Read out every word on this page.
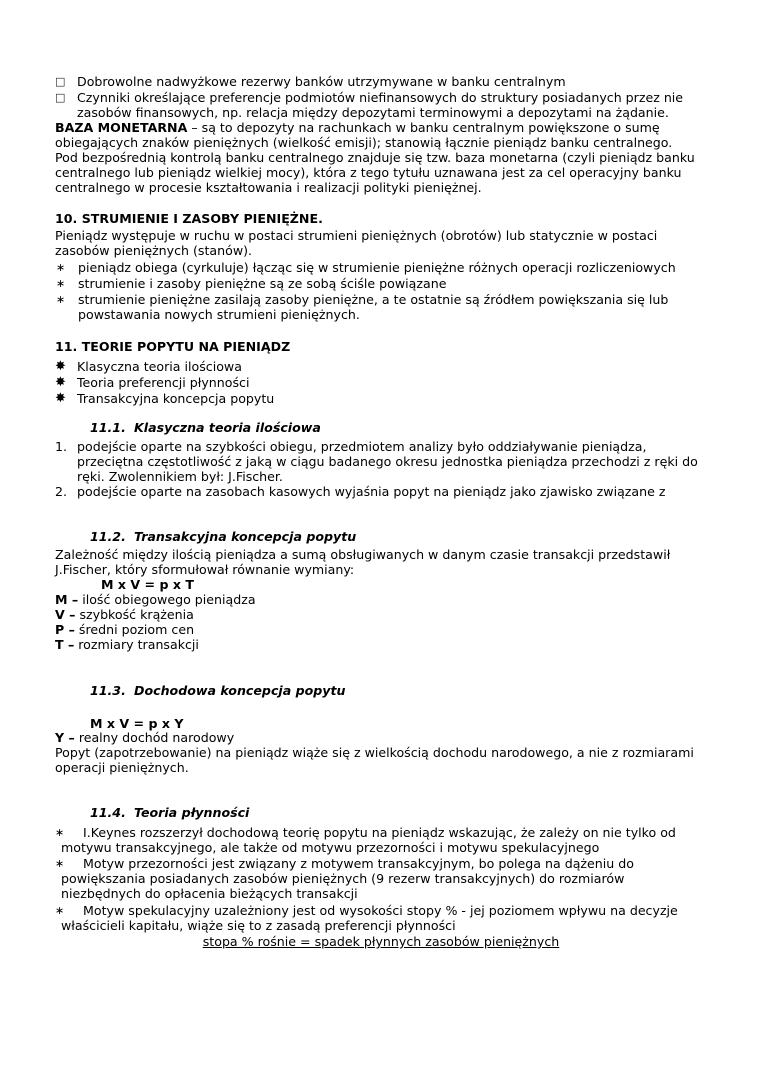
□ Dobrowolne nadwyżkowe rezerwy banków utrzymywane w banku centralnym
□ Czynniki określające preferencje podmiotów niefinansowych do struktury posiadanych przez nie zasobów finansowych, np. relacja między depozytami terminowymi a depozytami na żądanie.

BAZA MONETARNA – są to depozyty na rachunkach w banku centralnym powiększone o sumę obiegających znaków pieniężnych (wielkość emisji); stanowią łącznie pieniądz banku centralnego.

Pod bezpośrednią kontrolą banku centralnego znajduje się tzw. baza monetarna (czyli pieniądz banku centralnego lub pieniądz wielkiej mocy), która z tego tytułu uznawana jest za cel operacyjny banku centralnego w procesie kształtowania i realizacji polityki pieniężnej.

10. STRUMIENIE I ZASOBY PIENIĘŻNE.

Pieniądz występuje w ruchu w postaci strumieni pieniężnych (obrotów) lub statycznie w postaci zasobów pieniężnych (stanów).

∗	pieniądz obiega (cyrkuluje) łącząc się w strumienie pieniężne różnych operacji rozliczeniowych
∗	strumienie i zasoby pieniężne są ze sobą ściśle powiązane
∗	strumienie pieniężne zasilają zasoby pieniężne, a te ostatnie są źródłem powiększania się lub powstawania nowych strumieni pieniężnych.

11. TEORIE POPYTU NA PIENIĄDZ

✸ Klasyczna teoria ilościowa
✸ Teoria preferencji płynności
✸ Transakcyjna koncepcja popytu

11.1. Klasyczna teoria ilościowa

1. podejście oparte na szybkości obiegu, przedmiotem analizy było oddziaływanie pieniądza, przeciętna częstotliwość z jaką w ciągu badanego okresu jednostka pieniądza przechodzi z ręki do ręki. Zwolennikiem był: J.Fischer.
2. podejście oparte na zasobach kasowych wyjaśnia popyt na pieniądz jako zjawisko związane z

11.2. Transakcyjna koncepcja popytu

Zależność między ilością pieniądza a sumą obsługiwanych w danym czasie transakcji przedstawił J.Fischer, który sformułował równanie wymiany:

M x V = p x T

M – ilość obiegowego pieniądza

V – szybkość krążenia

P – średni poziom cen

T – rozmiary transakcji

11.3. Dochodowa koncepcja popytu

M x V = p x Y

Y – realny dochód narodowy

Popyt (zapotrzebowanie) na pieniądz wiąże się z wielkością dochodu narodowego, a nie z rozmiarami operacji pieniężnych.

11.4. Teoria płynności

∗	I.Keynes rozszerzył dochodową teorię popytu na pieniądz wskazując, że zależy on nie tylko od motywu transakcyjnego, ale także od motywu przezorności i motywu spekulacyjnego
∗	Motyw przezorności jest związany z motywem transakcyjnym, bo polega na dążeniu do powiększania posiadanych zasobów pieniężnych (9 rezerw transakcyjnych) do rozmiarów niezbędnych do opłacenia bieżących transakcji
∗	Motyw spekulacyjny uzależniony jest od wysokości stopy % - jej poziomem wpływu na decyzje właścicieli kapitału, wiąże się to z zasadą preferencji płynności

stopa % rośnie = spadek płynnych zasobów pieniężnych
